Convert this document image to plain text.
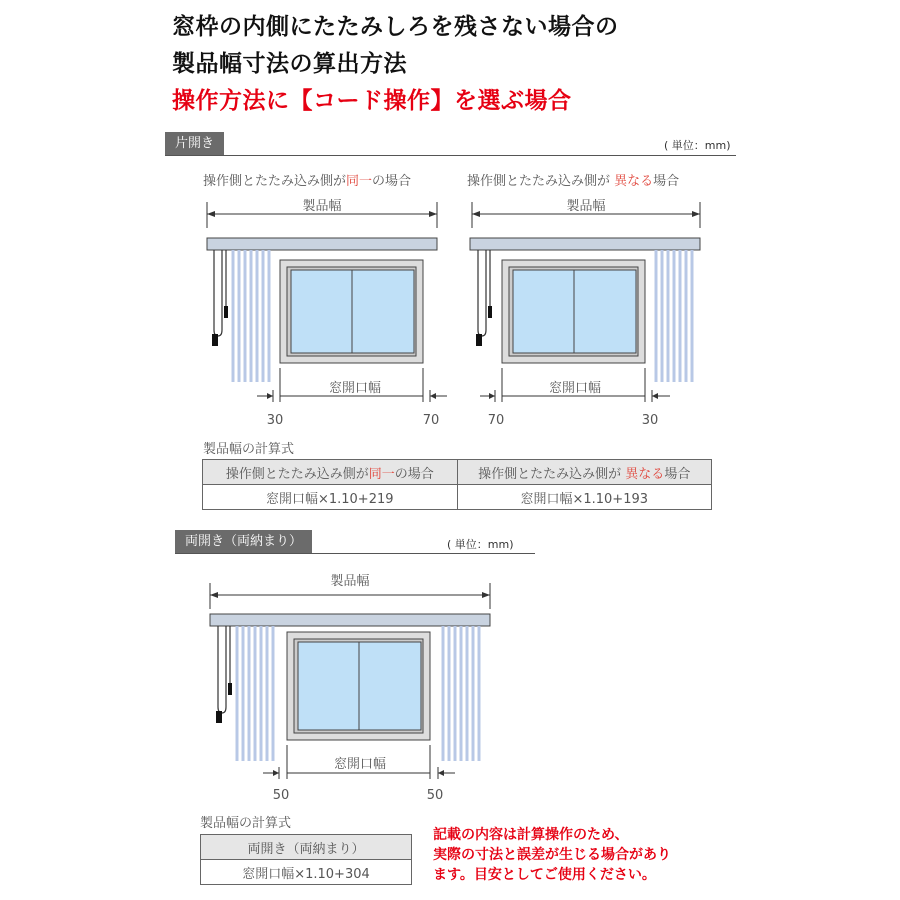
窓枠の内側にたたみしろを残さない場合の
製品幅寸法の算出方法
操作方法に【コード操作】を選ぶ場合
片開き	( 単位：mm)
操作側とたたみ込み側が同一の場合	操作側とたたみ込み側が 異なる場合
製品幅
窓開口幅
30	70
製品幅
窓開口幅
70	30
製品幅の計算式
操作側とたたみ込み側が同一の場合	操作側とたたみ込み側が 異なる場合
窓開口幅×1.10+219	窓開口幅×1.10+193
両開き（両納まり）	( 単位：mm)
製品幅
窓開口幅
50	50
製品幅の計算式
両開き（両納まり）
窓開口幅×1.10+304
記載の内容は計算操作のため、
実際の寸法と誤差が生じる場合があり
ます。目安としてご使用ください。
